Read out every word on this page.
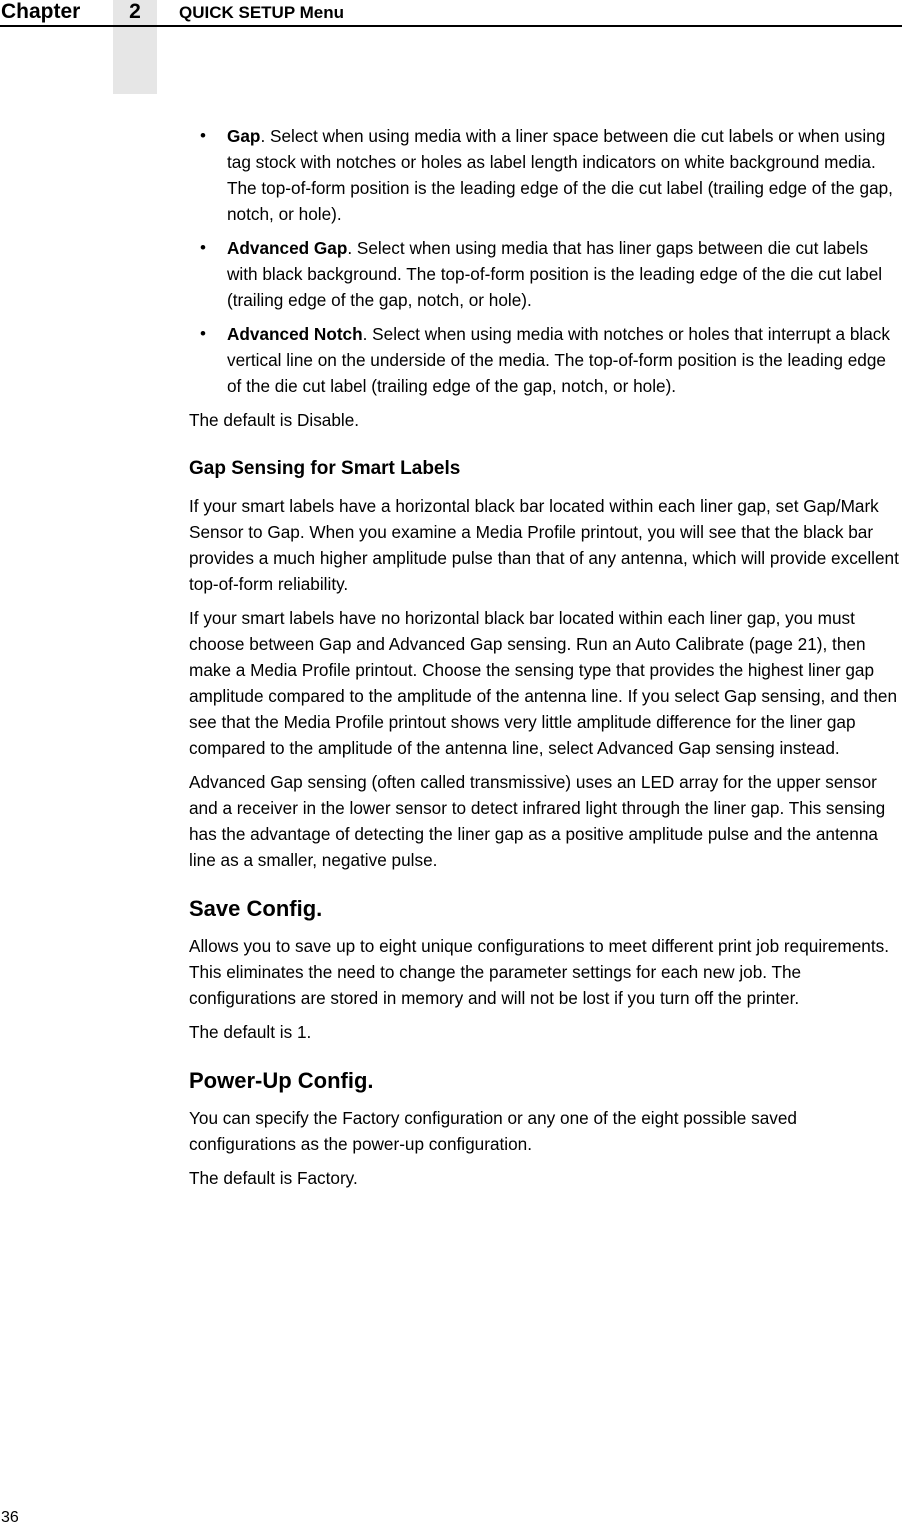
2
Chapter	QUICK SETUP Menu
• Gap. Select when using media with a liner space between die cut labels or when using tag stock with notches or holes as label length indicators on white background media. The top-of-form position is the leading edge of the die cut label (trailing edge of the gap, notch, or hole).
• Advanced Gap. Select when using media that has liner gaps between die cut labels with black background. The top-of-form position is the leading edge of the die cut label (trailing edge of the gap, notch, or hole).
• Advanced Notch. Select when using media with notches or holes that interrupt a black vertical line on the underside of the media. The top-of-form position is the leading edge of the die cut label (trailing edge of the gap, notch, or hole).

The default is Disable.

Gap Sensing for Smart Labels

If your smart labels have a horizontal black bar located within each liner gap, set Gap/Mark Sensor to Gap. When you examine a Media Profile printout, you will see that the black bar provides a much higher amplitude pulse than that of any antenna, which will provide excellent top-of-form reliability.

If your smart labels have no horizontal black bar located within each liner gap, you must choose between Gap and Advanced Gap sensing. Run an Auto Calibrate (page 21), then make a Media Profile printout. Choose the sensing type that provides the highest liner gap amplitude compared to the amplitude of the antenna line. If you select Gap sensing, and then see that the Media Profile printout shows very little amplitude difference for the liner gap compared to the amplitude of the antenna line, select Advanced Gap sensing instead.

Advanced Gap sensing (often called transmissive) uses an LED array for the upper sensor and a receiver in the lower sensor to detect infrared light through the liner gap. This sensing has the advantage of detecting the liner gap as a positive amplitude pulse and the antenna line as a smaller, negative pulse.

Save Config.

Allows you to save up to eight unique configurations to meet different print job requirements. This eliminates the need to change the parameter settings for each new job. The configurations are stored in memory and will not be lost if you turn off the printer.

The default is 1.

Power-Up Config.

You can specify the Factory configuration or any one of the eight possible saved configurations as the power-up configuration.

The default is Factory.

36
